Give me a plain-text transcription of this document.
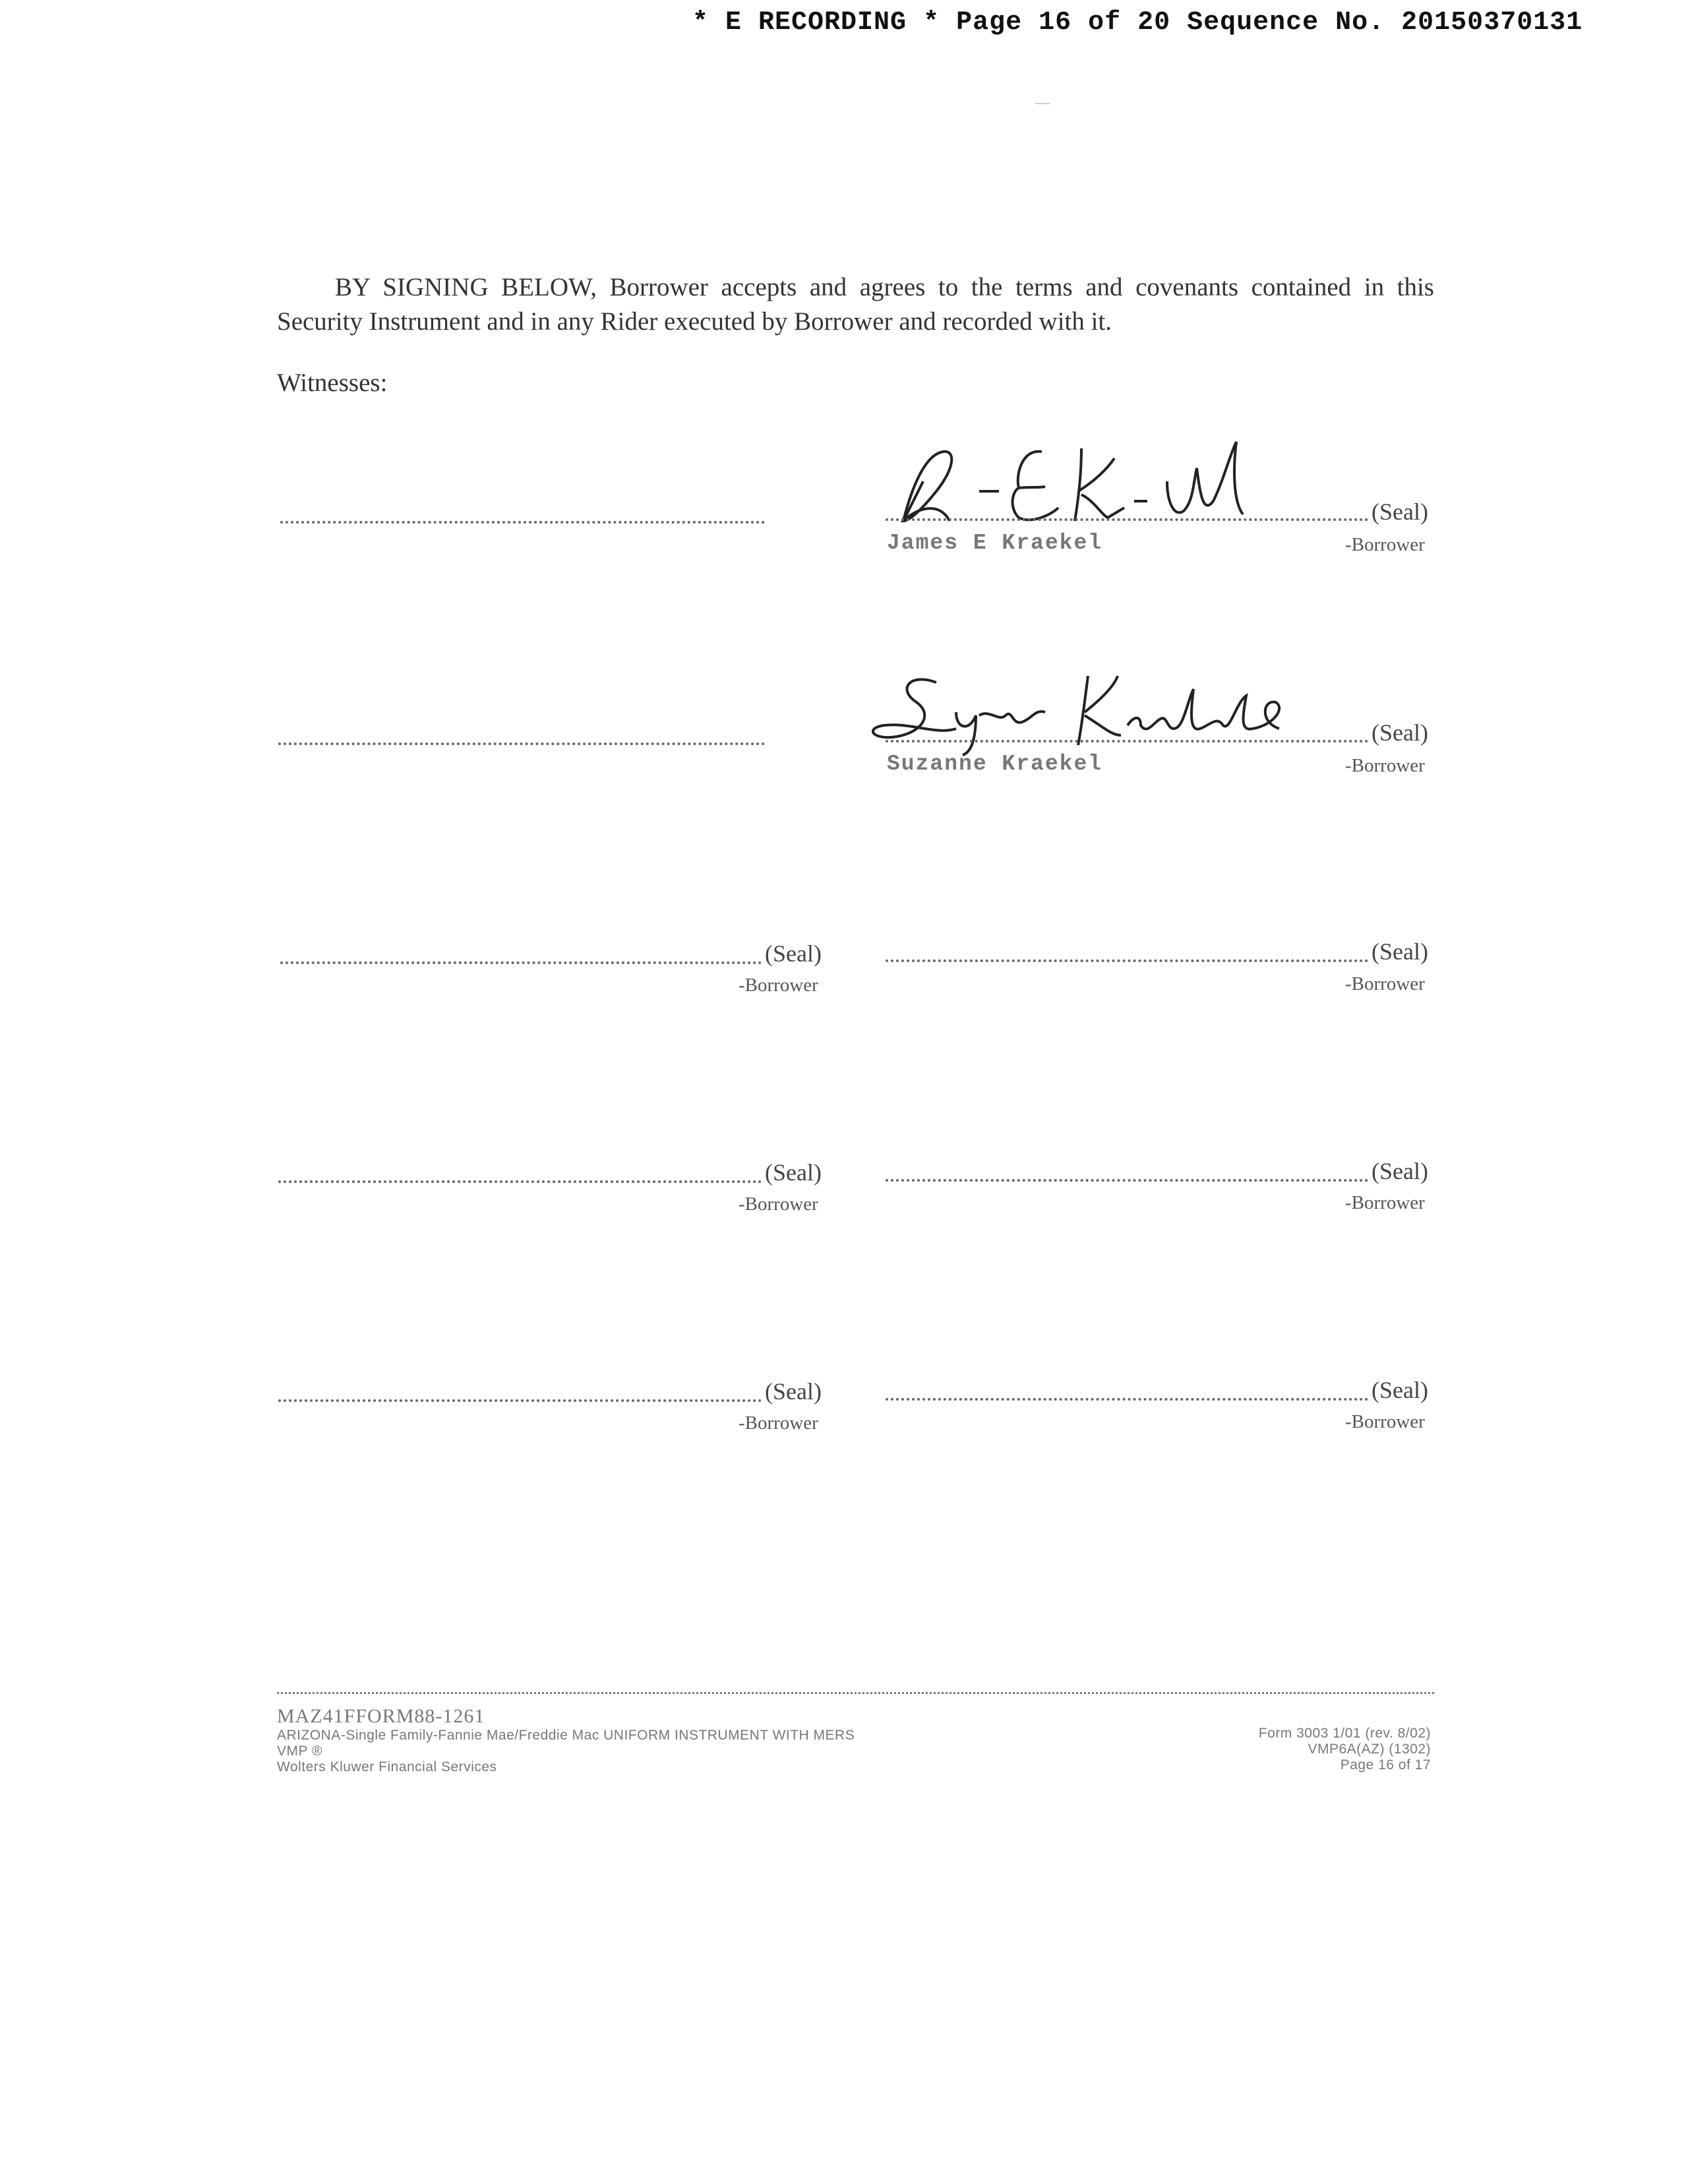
* E RECORDING * Page 16 of 20 Sequence No. 20150370131

BY SIGNING BELOW, Borrower accepts and agrees to the terms and covenants contained in this Security Instrument and in any Rider executed by Borrower and recorded with it.

Witnesses:
(Seal)
James E Kraekel	-Borrower
(Seal)
Suzanne Kraekel	-Borrower
(Seal)
-Borrower
(Seal)
-Borrower
(Seal)
-Borrower
(Seal)
-Borrower
(Seal)
-Borrower
(Seal)
-Borrower
MAZ41FFORM88-1261
ARIZONA-Single Family-Fannie Mae/Freddie Mac UNIFORM INSTRUMENT WITH MERS
VMP ®
Wolters Kluwer Financial Services
Form 3003 1/01 (rev. 8/02)
VMP6A(AZ) (1302)
Page 16 of 17
